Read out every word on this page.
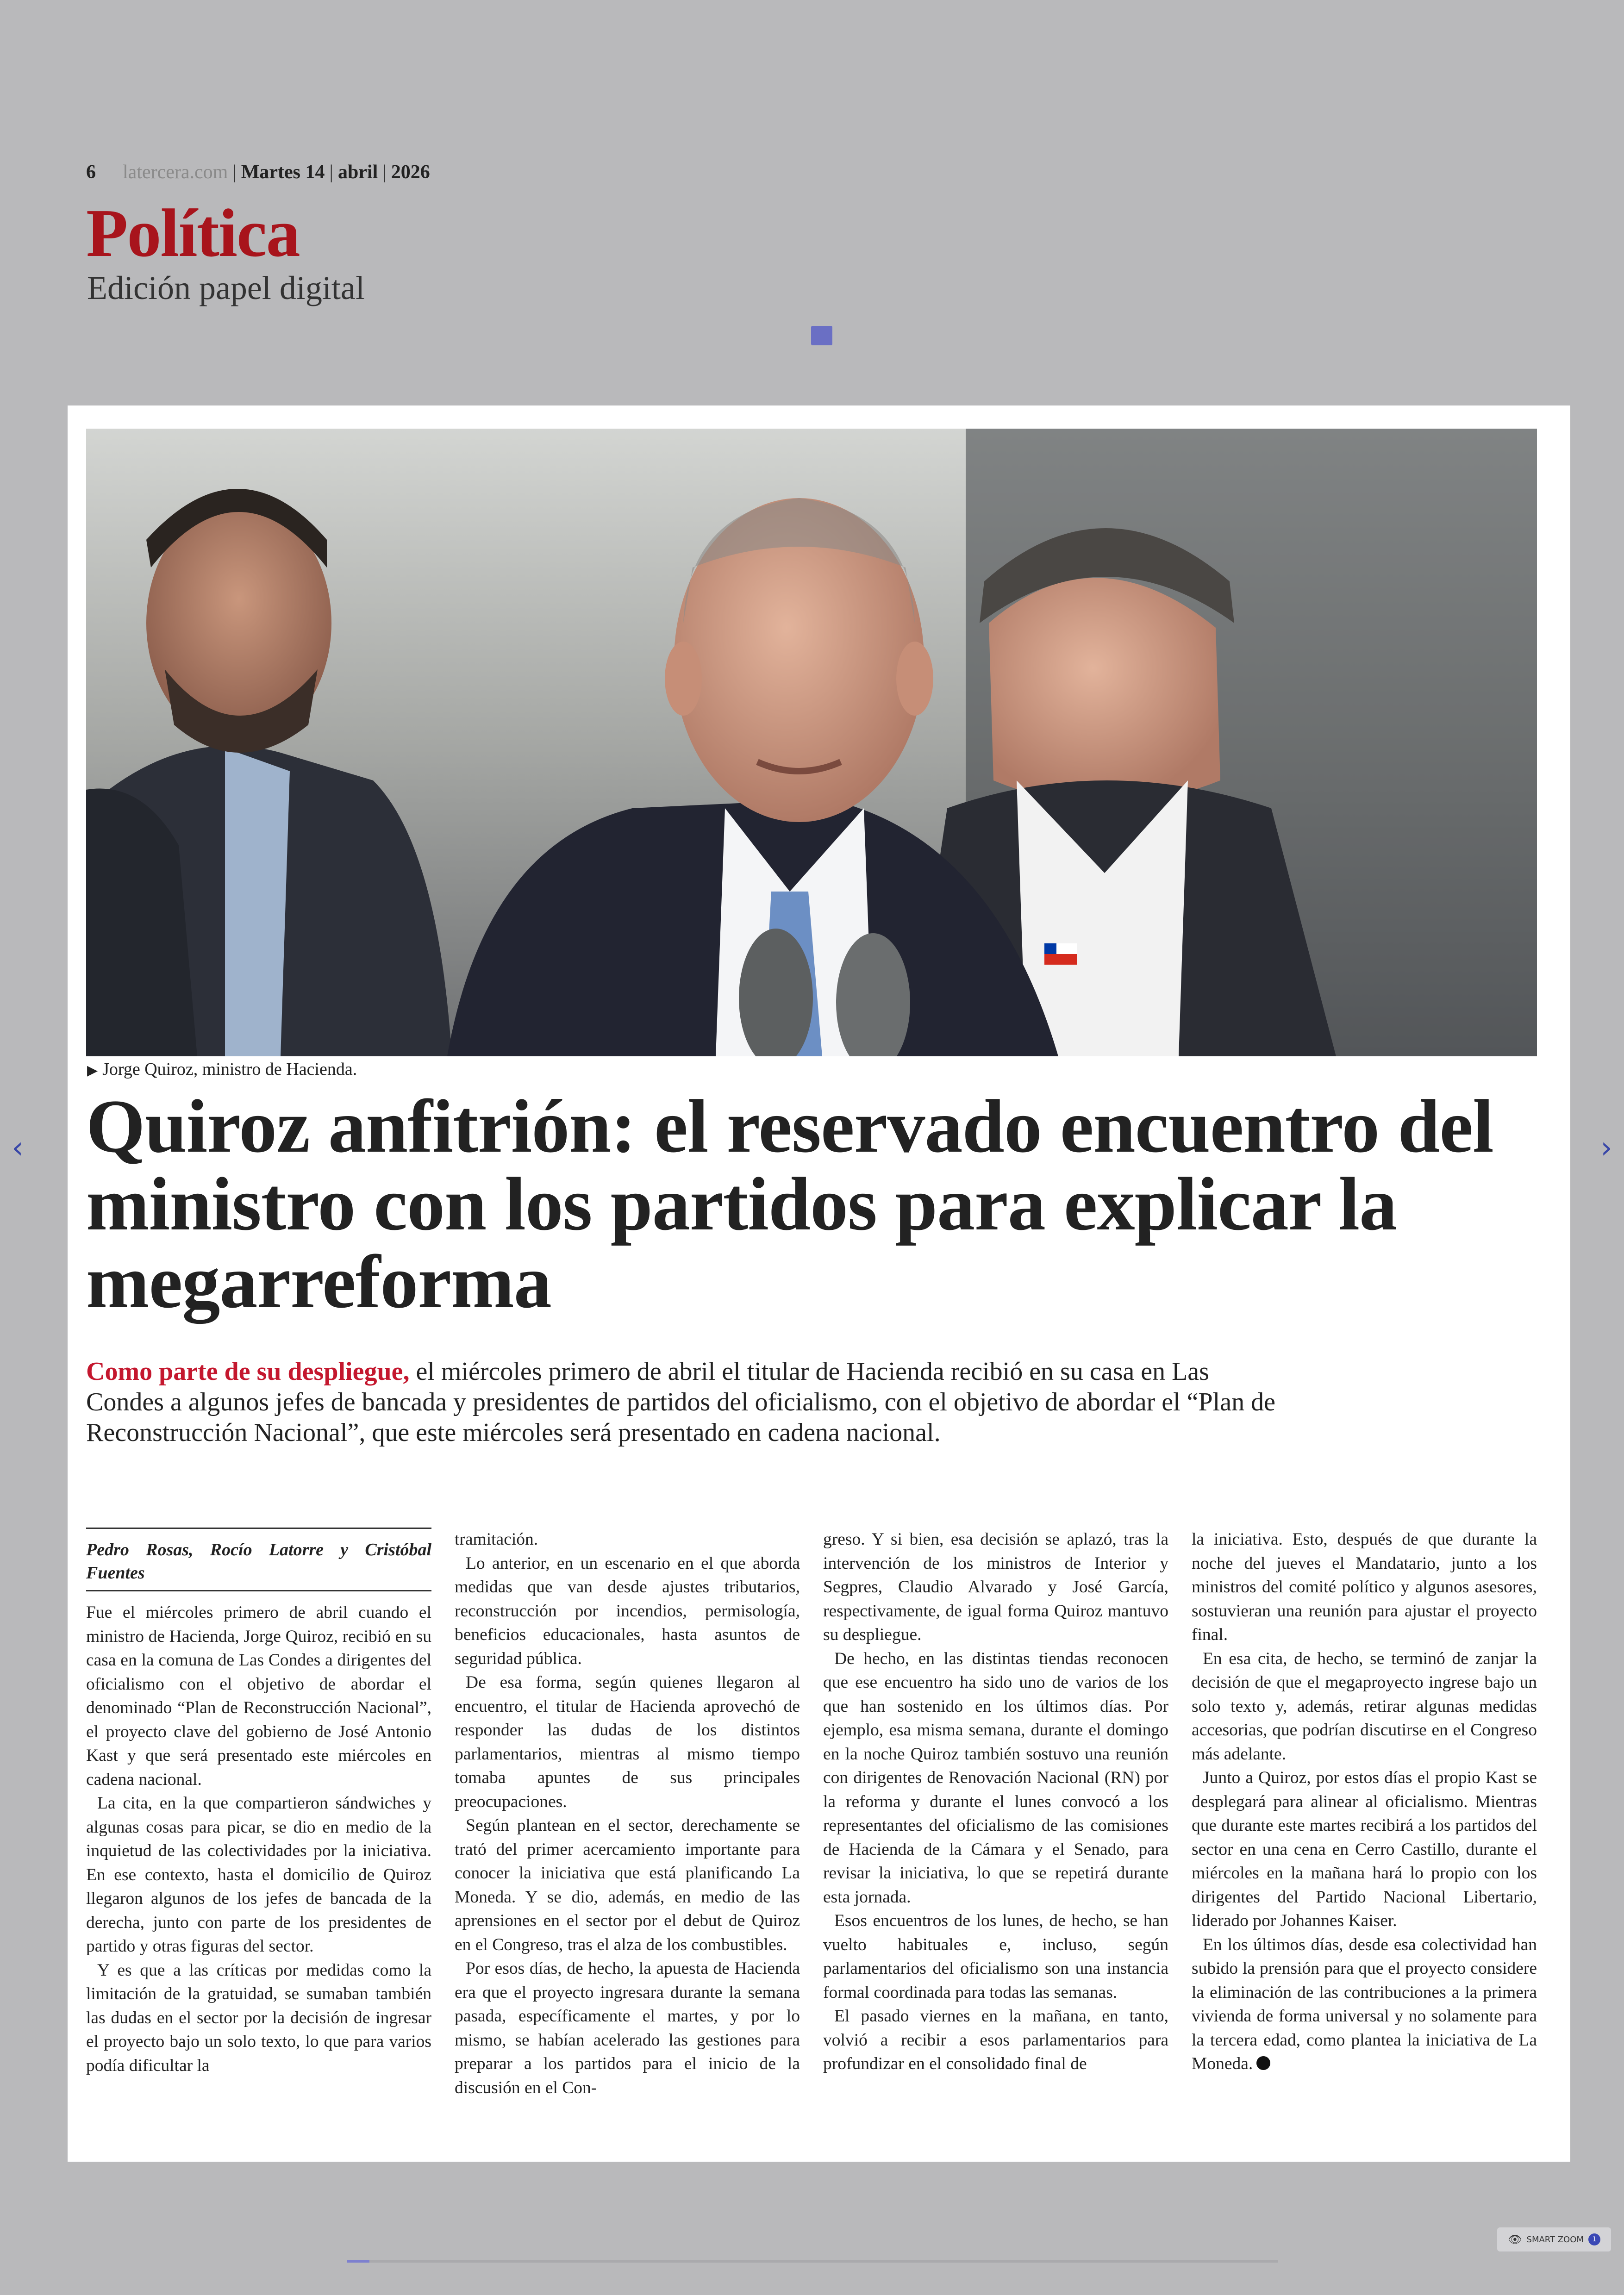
6 latercera.com | Martes 14 | abril | 2026
Política
Edición papel digital
‹	›
▶ Jorge Quiroz, ministro de Hacienda.
Quiroz anfitrión: el reservado encuentro del ministro con los partidos para explicar la megarreforma
Como parte de su despliegue, el miércoles primero de abril el titular de Hacienda recibió en su casa en Las Condes a algunos jefes de bancada y presidentes de partidos del oficialismo, con el objetivo de abordar el “Plan de Reconstrucción Nacional”, que este miércoles será presentado en cadena nacional.
Pedro Rosas, Rocío Latorre y Cristóbal Fuentes

Fue el miércoles primero de abril cuando el ministro de Hacienda, Jorge Quiroz, recibió en su casa en la comuna de Las Condes a dirigentes del oficialismo con el objetivo de abordar el denominado “Plan de Reconstrucción Nacional”, el proyecto clave del gobierno de José Antonio Kast y que será presentado este miércoles en cadena nacional.

La cita, en la que compartieron sándwiches y algunas cosas para picar, se dio en medio de la inquietud de las colectividades por la iniciativa. En ese contexto, hasta el domicilio de Quiroz llegaron algunos de los jefes de bancada de la derecha, junto con parte de los presidentes de partido y otras figuras del sector.

Y es que a las críticas por medidas como la limitación de la gratuidad, se sumaban también las dudas en el sector por la decisión de ingresar el proyecto bajo un solo texto, lo que para varios podía dificultar la

tramitación.

Lo anterior, en un escenario en el que aborda medidas que van desde ajustes tributarios, reconstrucción por incendios, permisología, beneficios educacionales, hasta asuntos de seguridad pública.

De esa forma, según quienes llegaron al encuentro, el titular de Hacienda aprovechó de responder las dudas de los distintos parlamentarios, mientras al mismo tiempo tomaba apuntes de sus principales preocupaciones.

Según plantean en el sector, derechamente se trató del primer acercamiento importante para conocer la iniciativa que está planificando La Moneda. Y se dio, además, en medio de las aprensiones en el sector por el debut de Quiroz en el Congreso, tras el alza de los combustibles.

Por esos días, de hecho, la apuesta de Hacienda era que el proyecto ingresara durante la semana pasada, específicamente el martes, y por lo mismo, se habían acelerado las gestiones para preparar a los partidos para el inicio de la discusión en el Con-

greso. Y si bien, esa decisión se aplazó, tras la intervención de los ministros de Interior y Segpres, Claudio Alvarado y José García, respectivamente, de igual forma Quiroz mantuvo su despliegue.

De hecho, en las distintas tiendas reconocen que ese encuentro ha sido uno de varios de los que han sostenido en los últimos días. Por ejemplo, esa misma semana, durante el domingo en la noche Quiroz también sostuvo una reunión con dirigentes de Renovación Nacional (RN) por la reforma y durante el lunes convocó a los representantes del oficialismo de las comisiones de Hacienda de la Cámara y el Senado, para revisar la iniciativa, lo que se repetirá durante esta jornada.

Esos encuentros de los lunes, de hecho, se han vuelto habituales e, incluso, según parlamentarios del oficialismo son una instancia formal coordinada para todas las semanas.

El pasado viernes en la mañana, en tanto, volvió a recibir a esos parlamentarios para profundizar en el consolidado final de

la iniciativa. Esto, después de que durante la noche del jueves el Mandatario, junto a los ministros del comité político y algunos asesores, sostuvieran una reunión para ajustar el proyecto final.

En esa cita, de hecho, se terminó de zanjar la decisión de que el megaproyecto ingrese bajo un solo texto y, además, retirar algunas medidas accesorias, que podrían discutirse en el Congreso más adelante.

Junto a Quiroz, por estos días el propio Kast se desplegará para alinear al oficialismo. Mientras que durante este martes recibirá a los partidos del sector en una cena en Cerro Castillo, durante el miércoles en la mañana hará lo propio con los dirigentes del Partido Nacional Libertario, liderado por Johannes Kaiser.

En los últimos días, desde esa colectividad han subido la prensión para que el proyecto considere la eliminación de las contribuciones a la primera vivienda de forma universal y no solamente para la tercera edad, como plantea la iniciativa de La Moneda.

👁 SMART ZOOM	1
